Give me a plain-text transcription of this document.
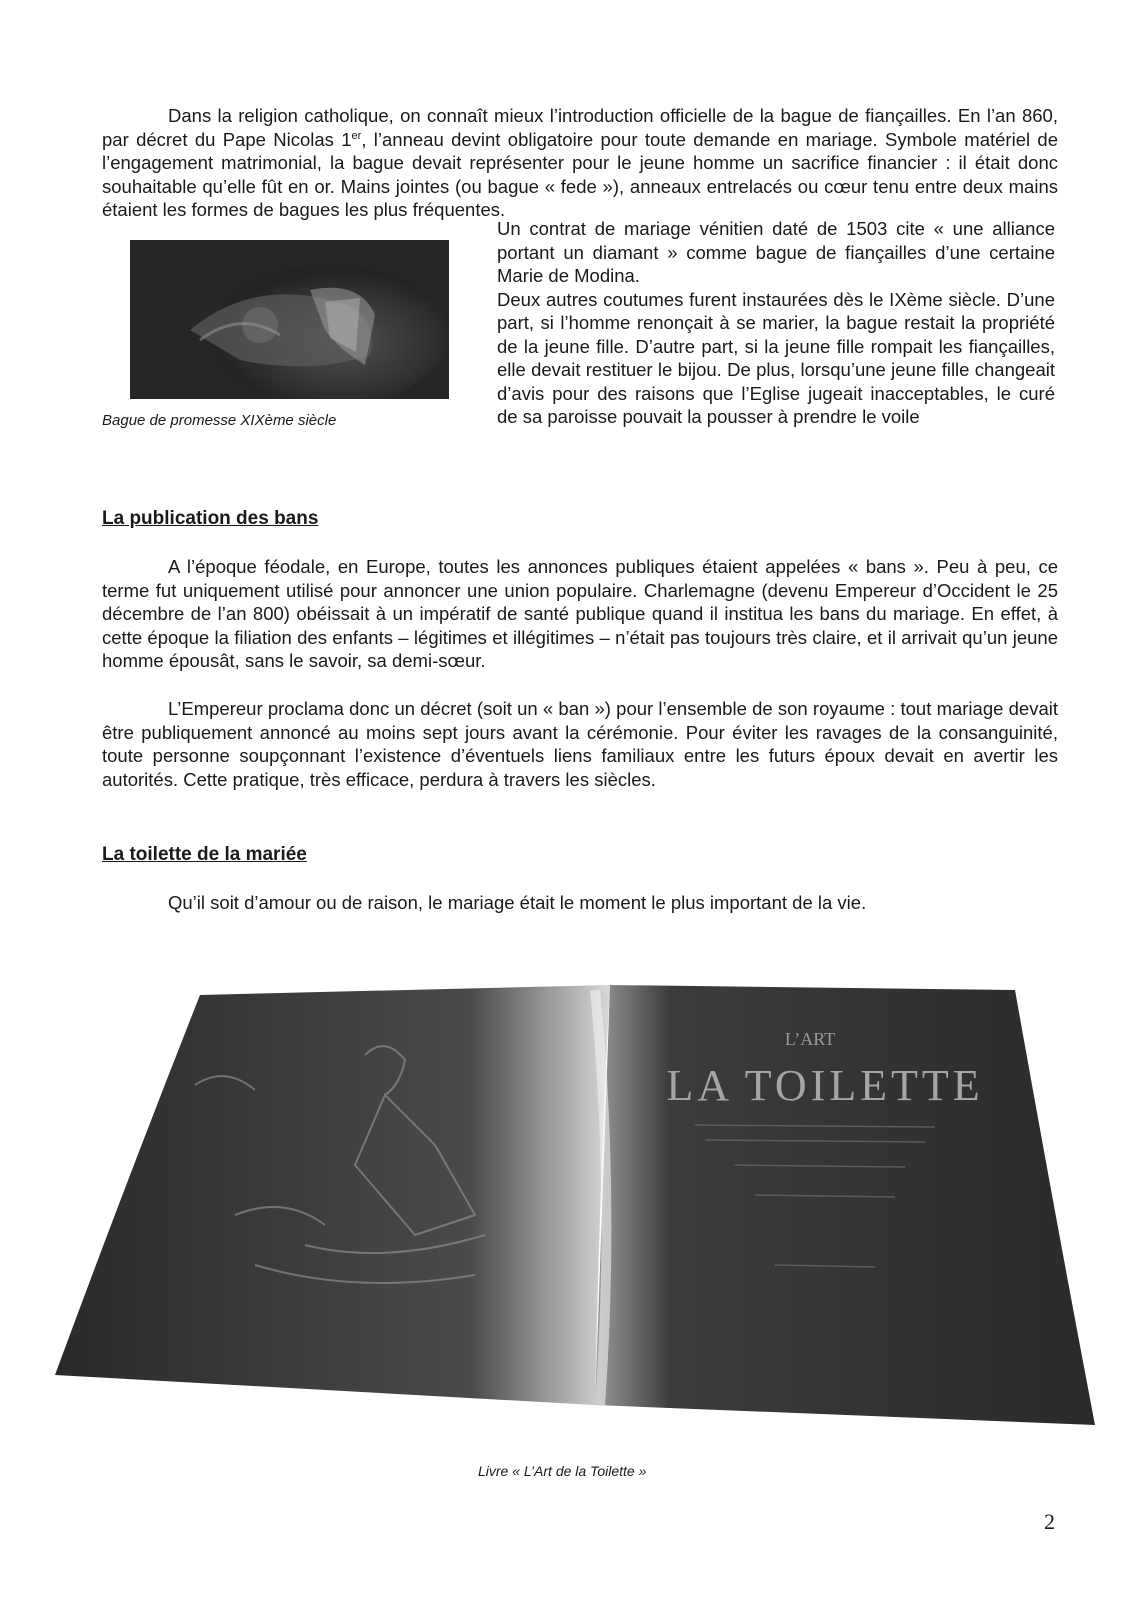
Dans la religion catholique, on connaît mieux l’introduction officielle de la bague de fiançailles. En l’an 860, par décret du Pape Nicolas 1er, l’anneau devint obligatoire pour toute demande en mariage. Symbole matériel de l’engagement matrimonial, la bague devait représenter pour le jeune homme un sacrifice financier : il était donc souhaitable qu’elle fût en or. Mains jointes (ou bague « fede »), anneaux entrelacés ou cœur tenu entre deux mains étaient les formes de bagues les plus fréquentes.

Bague de promesse XIXème siècle

Un contrat de mariage vénitien daté de 1503 cite « une alliance portant un diamant » comme bague de fiançailles d’une certaine Marie de Modina.

Deux autres coutumes furent instaurées dès le IXème siècle. D’une part, si l’homme renonçait à se marier, la bague restait la propriété de la jeune fille. D’autre part, si la jeune fille rompait les fiançailles, elle devait restituer le bijou. De plus, lorsqu’une jeune fille changeait d’avis pour des raisons que l’Eglise jugeait inacceptables, le curé de sa paroisse pouvait la pousser à prendre le voile

La publication des bans

A l’époque féodale, en Europe, toutes les annonces publiques étaient appelées « bans ». Peu à peu, ce terme fut uniquement utilisé pour annoncer une union populaire. Charlemagne (devenu Empereur d’Occident le 25 décembre de l’an 800) obéissait à un impératif de santé publique quand il institua les bans du mariage. En effet, à cette époque la filiation des enfants – légitimes et illégitimes – n’était pas toujours très claire, et il arrivait qu’un jeune homme épousât, sans le savoir, sa demi-sœur.

L’Empereur proclama donc un décret (soit un « ban ») pour l’ensemble de son royaume : tout mariage devait être publiquement annoncé au moins sept jours avant la cérémonie. Pour éviter les ravages de la consanguinité, toute personne soupçonnant l’existence d’éventuels liens familiaux entre les futurs époux devait en avertir les autorités. Cette pratique, très efficace, perdura à travers les siècles.

La toilette de la mariée

Qu’il soit d’amour ou de raison, le mariage était le moment le plus important de la vie.

L’ART
LA TOILETTE

Livre « L’Art de la Toilette »

2
